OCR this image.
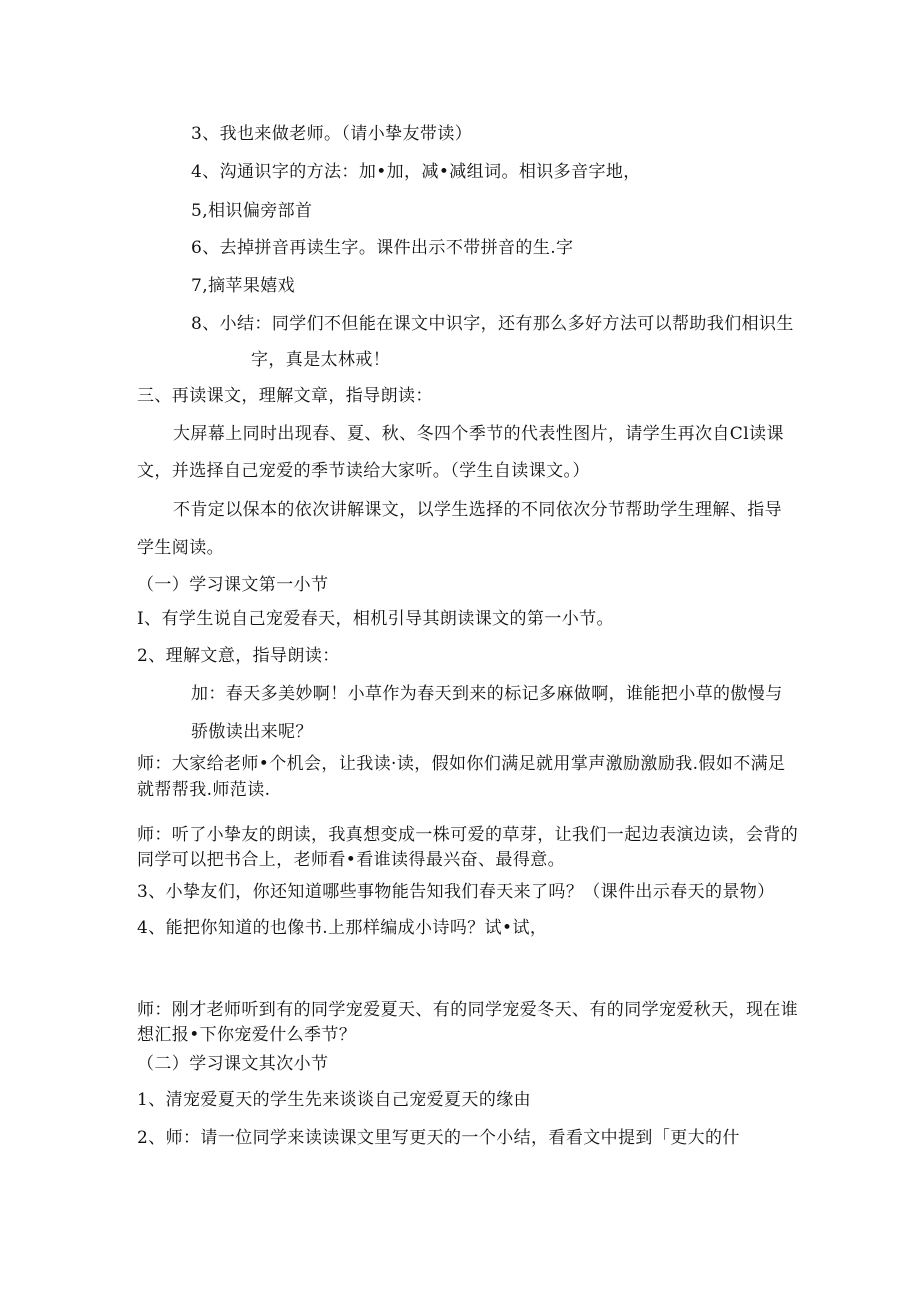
3、我也来做老师。（请小挚友带读）
4、沟通识字的方法：加•加，减•减组词。相识多音字地，
5,相识偏旁部首
6、去掉拼音再读生字。课件出示不带拼音的生.字
7,摘苹果嬉戏
8、小结：同学们不但能在课文中识字，还有那么多好方法可以帮助我们相识生
字，真是太林戒！
三、再读课文，理解文章，指导朗读：
大屏幕上同时出现春、夏、秋、冬四个季节的代表性图片，请学生再次自Cl读课
文，并选择自己宠爱的季节读给大家听。（学生自读课文。）
不肯定以保本的依次讲解课文，以学生选择的不同依次分节帮助学生理解、指导
学生阅读。
（一）学习课文第一小节
I、有学生说自己宠爱春天，相机引导其朗读课文的第一小节。
2、理解文意，指导朗读：
加：春天多美妙啊！小草作为春天到来的标记多麻做啊，谁能把小草的傲慢与
骄傲读出来呢？
师：大家给老师•个机会，让我读·读，假如你们满足就用掌声激励激励我.假如不满足
就帮帮我.师范读.
师：听了小挚友的朗读，我真想变成一株可爱的草芽，让我们一起边表演边读，会背的
同学可以把书合上，老师看•看谁读得最兴奋、最得意。
3、小挚友们，你还知道哪些事物能告知我们春天来了吗？（课件出示春天的景物）
4、能把你知道的也像书.上那样编成小诗吗？试•试，
师：刚才老师听到有的同学宠爱夏天、有的同学宠爱冬天、有的同学宠爱秋天，现在谁
想汇报•下你宠爱什么季节？
（二）学习课文其次小节
1、清宠爱夏天的学生先来谈谈自己宠爱夏天的缘由
2、师：请一位同学来读读课文里写更天的一个小结，看看文中提到「更大的什
